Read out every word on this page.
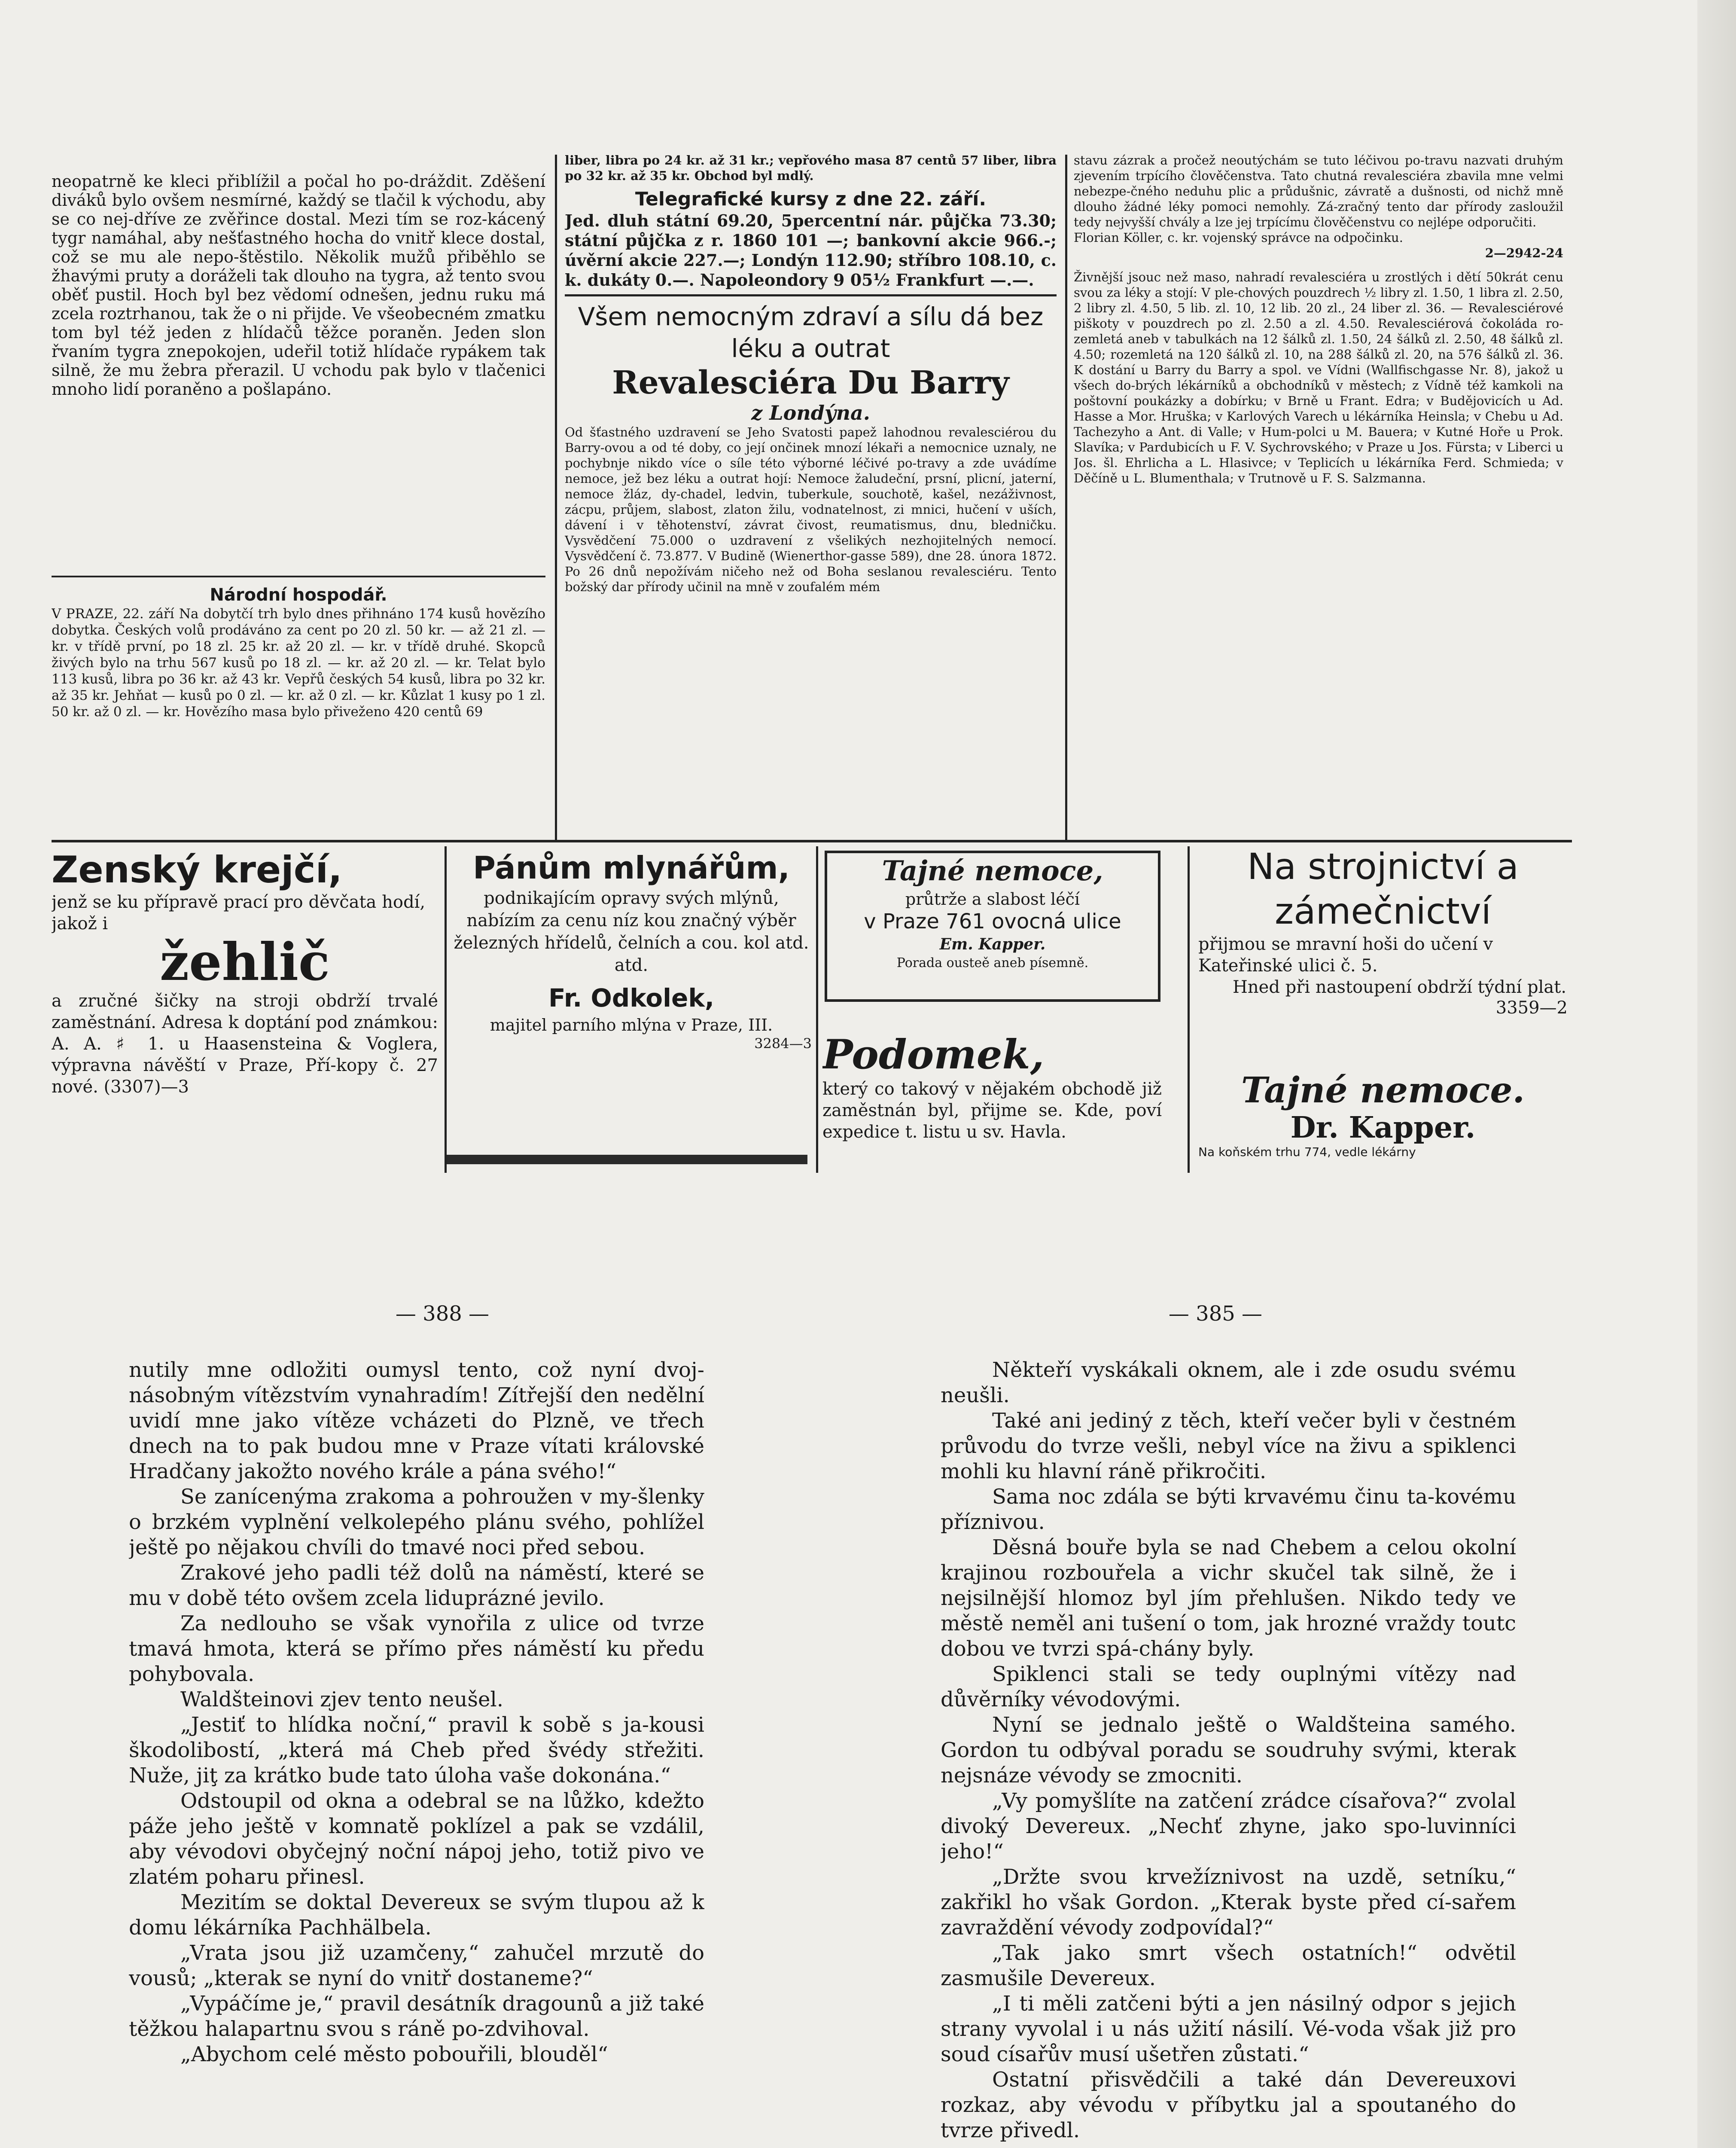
neopatrně ke kleci přiblížil a počal ho po-dráždit. Zděšení diváků bylo ovšem nesmírné, každý se tlačil k východu, aby se co nej-dříve ze zvěřince dostal. Mezi tím se roz-kácený tygr namáhal, aby nešťastného hocha do vnitř klece dostal, což se mu ale nepo-štěstilo. Několik mužů přiběhlo se žhavými pruty a doráželi tak dlouho na tygra, až tento svou oběť pustil. Hoch byl bez vědomí odnešen, jednu ruku má zcela roztrhanou, tak že o ni přijde. Ve všeobecném zmatku tom byl též jeden z hlídačů těžce poraněn. Jeden slon řvaním tygra znepokojen, udeřil totiž hlídače rypákem tak silně, že mu žebra přerazil. U vchodu pak bylo v tlačenici mnoho lidí poraněno a pošlapáno.

Národní hospodář.
V PRAZE, 22. září Na dobytčí trh bylo dnes přihnáno 174 kusů hovězího dobytka. Českých volů prodáváno za cent po 20 zl. 50 kr. — až 21 zl. — kr. v třídě první, po 18 zl. 25 kr. až 20 zl. — kr. v třídě druhé. Skopců živých bylo na trhu 567 kusů po 18 zl. — kr. až 20 zl. — kr. Telat bylo 113 kusů, libra po 36 kr. až 43 kr. Vepřů českých 54 kusů, libra po 32 kr. až 35 kr. Jehňat — kusů po 0 zl. — kr. až 0 zl. — kr. Kůzlat 1 kusy po 1 zl. 50 kr. až 0 zl. — kr. Hovězího masa bylo přiveženo 420 centů 69
liber, libra po 24 kr. až 31 kr.; vepřového masa 87 centů 57 liber, libra po 32 kr. až 35 kr. Obchod byl mdlý.
Telegrafické kursy z dne 22. září.
Jed. dluh státní 69.20, 5percentní nár. půjčka 73.30; státní půjčka z r. 1860 101 —; bankovní akcie 966.-; úvěrní akcie 227.—; Londýn 112.90; stříbro 108.10, c. k. dukáty 0.—. Napoleondory 9 05½ Frankfurt —.—.
Všem nemocným zdraví a sílu dá bez léku a outrat
Revalesciéra Du Barry
z Londýna.
Od šťastného uzdravení se Jeho Svatosti papež lahodnou revalesciérou du Barry-ovou a od té doby, co její ončinek mnozí lékaři a nemocnice uznaly, ne pochybnje nikdo více o síle této výborné léčivé po-travy a zde uvádíme nemoce, jež bez léku a outrat hojí: Nemoce žaludeční, prsní, plicní, jaterní, nemoce žláz, dy-chadel, ledvin, tuberkule, souchotě, kašel, nezáživnost, zácpu, průjem, slabost, zlaton žilu, vodnatelnost, zi mnici, hučení v uších, dávení i v těhotenství, závrat čivost, reumatismus, dnu, bledničku. Vysvědčení 75.000 o uzdravení z všelikých nezhojitelných nemocí. Vysvědčení č. 73.877. V Budině (Wienerthor-gasse 589), dne 28. února 1872. Po 26 dnů nepožívám ničeho než od Boha seslanou revalesciéru. Tento božský dar přírody učinil na mně v zoufalém mém
stavu zázrak a pročež neoutýchám se tuto léčivou po-travu nazvati druhým zjevením trpícího člověčenstva. Tato chutná revalesciéra zbavila mne velmi nebezpe-čného neduhu plic a průdušnic, závratě a dušnosti, od nichž mně dlouho žádné léky pomoci nemohly. Zá-zračný tento dar přírody zasloužil tedy nejvyšší chvály a lze jej trpícímu člověčenstvu co nejlépe odporučiti.
Florian Köller, c. kr. vojenský správce na odpočinku.
2—2942-24
Živnější jsouc než maso, nahradí revalesciéra u zrostlých i dětí 50krát cenu svou za léky a stojí: V ple-chových pouzdrech ½ libry zl. 1.50, 1 libra zl. 2.50, 2 libry zl. 4.50, 5 lib. zl. 10, 12 lib. 20 zl., 24 liber zl. 36. — Revalesciérové piškoty v pouzdrech po zl. 2.50 a zl. 4.50. Revalesciérová čokoláda ro-zemletá aneb v tabulkách na 12 šálků zl. 1.50, 24 šálků zl. 2.50, 48 šálků zl. 4.50; rozemletá na 120 šálků zl. 10, na 288 šálků zl. 20, na 576 šálků zl. 36. K dostání u Barry du Barry a spol. ve Vídni (Wallfischgasse Nr. 8), jakož u všech do-brých lékárníků a obchodníků v městech; z Vídně též kamkoli na poštovní poukázky a dobírku; v Brně u Frant. Edra; v Budějovicích u Ad. Hasse a Mor. Hruška; v Karlových Varech u lékárníka Heinsla; v Chebu u Ad. Tachezyho a Ant. di Valle; v Hum-polci u M. Bauera; v Kutné Hoře u Prok. Slavíka; v Pardubicích u F. V. Sychrovského; v Praze u Jos. Fürsta; v Liberci u Jos. šl. Ehrlicha a L. Hlasivce; v Teplicích u lékárníka Ferd. Schmieda; v Děčíně u L. Blumenthala; v Trutnově u F. S. Salzmanna.
Zenský krejčí,
jenž se ku přípravě prací pro děvčata hodí, jakož i
žehlič
a zručné šičky na stroji obdrží trvalé zaměstnání. Adresa k doptání pod známkou: A. A. ♯ 1. u Haasensteina & Voglera, výpravna návěští v Praze, Pří-kopy č. 27 nové. (3307)—3
Pánům mlynářům,
podnikajícím opravy svých mlýnů, nabízím za cenu níz kou značný výběr železných hřídelů, čelních a cou. kol atd. atd.
Fr. Odkolek,
majitel parního mlýna v Praze, III.
3284—3
Tajné nemoce,
průtrže a slabost léčí
v Praze 761 ovocná ulice
Em. Kapper.
Porada ousteě aneb písemně.
Podomek,
který co takový v nějakém obchodě již zaměstnán byl, přijme se. Kde, poví expedice t. listu u sv. Havla.
Na strojnictví a zámečnictví
přijmou se mravní hoši do učení v Kateřinské ulici č. 5.
Hned při nastoupení obdrží týdní plat.
3359—2
Tajné nemoce.
Dr. Kapper.
Na koňském trhu 774, vedle lékárny
— 388 —	— 385 —

nutily mne odložiti oumysl tento, což nyní dvoj-násobným vítězstvím vynahradím! Zítřejší den nedělní uvidí mne jako vítěze vcházeti do Plzně, ve třech dnech na to pak budou mne v Praze vítati královské Hradčany jakožto nového krále a pána svého!“

Se zanícenýma zrakoma a pohroužen v my-šlenky o brzkém vyplnění velkolepého plánu svého, pohlížel ještě po nějakou chvíli do tmavé noci před sebou.

Zrakové jeho padli též dolů na náměstí, které se mu v době této ovšem zcela liduprázné jevilo.

Za nedlouho se však vynořila z ulice od tvrze tmavá hmota, která se přímo přes náměstí ku předu pohybovala.

Waldšteinovi zjev tento neušel.

„Jestiť to hlídka noční,“ pravil k sobě s ja-kousi škodolibostí, „která má Cheb před švédy střežiti. Nuže, jiţ za krátko bude tato úloha vaše dokonána.“

Odstoupil od okna a odebral se na lůžko, kdežto páže jeho ještě v komnatě poklízel a pak se vzdálil, aby vévodovi obyčejný noční nápoj jeho, totiž pivo ve zlatém poharu přinesl.

Mezitím se doktal Devereux se svým tlupou až k domu lékárníka Pachhälbela.

„Vrata jsou již uzamčeny,“ zahučel mrzutě do vousů; „kterak se nyní do vnitř dostaneme?“

„Vypáčíme je,“ pravil desátník dragounů a již také těžkou halapartnu svou s ráně po-zdvihoval.

„Abychom celé město pobouřili, blouděl“

Někteří vyskákali oknem, ale i zde osudu svému neušli.

Také ani jediný z těch, kteří večer byli v čestném průvodu do tvrze vešli, nebyl více na živu a spiklenci mohli ku hlavní ráně přikročiti.

Sama noc zdála se býti krvavému činu ta-kovému příznivou.

Děsná bouře byla se nad Chebem a celou okolní krajinou rozbouřela a vichr skučel tak silně, že i nejsilnější hlomoz byl jím přehlušen. Nikdo tedy ve městě neměl ani tušení o tom, jak hrozné vraždy toutc dobou ve tvrzi spá-chány byly.

Spiklenci stali se tedy ouplnými vítězy nad důvěrníky vévodovými.

Nyní se jednalo ještě o Waldšteina samého. Gordon tu odbýval poradu se soudruhy svými, kterak nejsnáze vévody se zmocniti.

„Vy pomyšlíte na zatčení zrádce císařova?“ zvolal divoký Devereux. „Nechť zhyne, jako spo-luvinníci jeho!“

„Držte svou krvežíznivost na uzdě, setníku,“ zakřikl ho však Gordon. „Kterak byste před cí-sařem zavraždění vévody zodpovídal?“

„Tak jako smrt všech ostatních!“ odvětil zasmušile Devereux.

„I ti měli zatčeni býti a jen násilný odpor s jejich strany vyvolal i u nás užití násilí. Vé-voda však již pro soud císařův musí ušetřen zůstati.“

Ostatní přisvědčili a také dán Devereuxovi rozkaz, aby vévodu v příbytku jal a spoutaného do tvrze přivedl.
